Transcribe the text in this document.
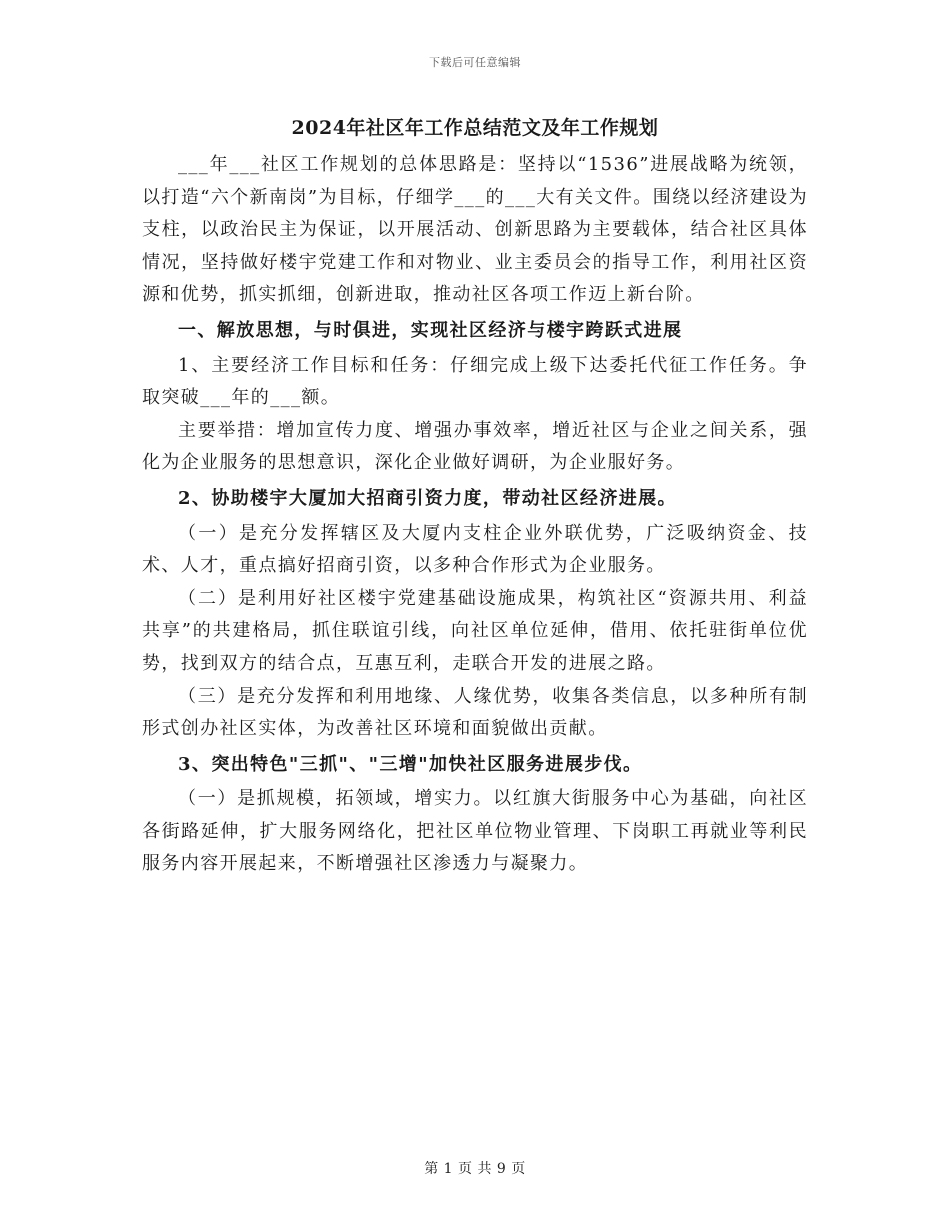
下载后可任意编辑
2024年社区年工作总结范文及年工作规划

___年___社区工作规划的总体思路是：坚持以“1536”进展战略为统领，以打造“六个新南岗”为目标，仔细学___的___大有关文件。围绕以经济建设为支柱，以政治民主为保证，以开展活动、创新思路为主要载体，结合社区具体情况，坚持做好楼宇党建工作和对物业、业主委员会的指导工作，利用社区资源和优势，抓实抓细，创新进取，推动社区各项工作迈上新台阶。

一、解放思想，与时俱进，实现社区经济与楼宇跨跃式进展

1、主要经济工作目标和任务：仔细完成上级下达委托代征工作任务。争取突破___年的___额。

主要举措：增加宣传力度、增强办事效率，增近社区与企业之间关系，强化为企业服务的思想意识，深化企业做好调研，为企业服好务。

2、协助楼宇大厦加大招商引资力度，带动社区经济进展。

（一）是充分发挥辖区及大厦内支柱企业外联优势，广泛吸纳资金、技术、人才，重点搞好招商引资，以多种合作形式为企业服务。

（二）是利用好社区楼宇党建基础设施成果，构筑社区“资源共用、利益共享”的共建格局，抓住联谊引线，向社区单位延伸，借用、依托驻街单位优势，找到双方的结合点，互惠互利，走联合开发的进展之路。

（三）是充分发挥和利用地缘、人缘优势，收集各类信息，以多种所有制形式创办社区实体，为改善社区环境和面貌做出贡献。

3、突出特色"三抓"、"三增"加快社区服务进展步伐。

（一）是抓规模，拓领域，增实力。以红旗大街服务中心为基础，向社区各街路延伸，扩大服务网络化，把社区单位物业管理、下岗职工再就业等利民服务内容开展起来，不断增强社区渗透力与凝聚力。

第 1 页 共 9 页
